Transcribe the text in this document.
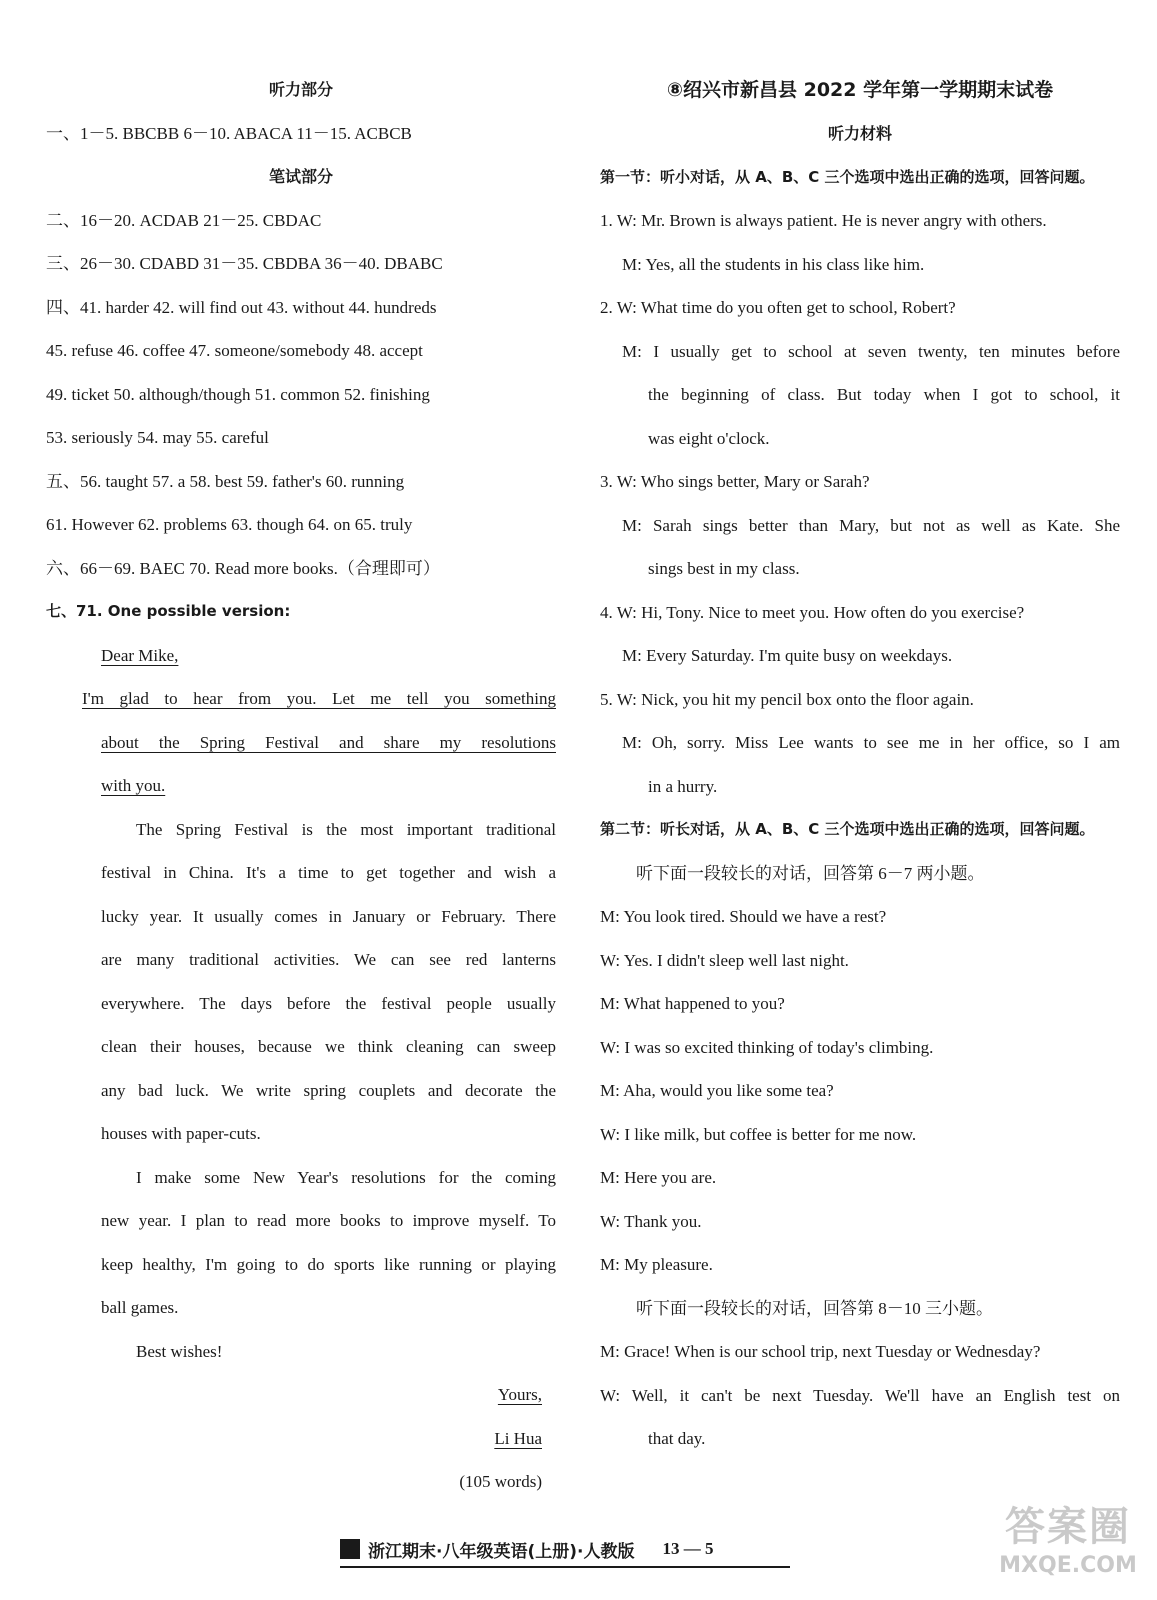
听力部分
一、1－5. BBCBB 6－10. ABACA 11－15. ACBCB
笔试部分
二、16－20. ACDAB 21－25. CBDAC
三、26－30. CDABD 31－35. CBDBA 36－40. DBABC
四、41. harder 42. will find out 43. without 44. hundreds
45. refuse 46. coffee 47. someone/somebody 48. accept
49. ticket 50. although/though 51. common 52. finishing
53. seriously 54. may 55. careful
五、56. taught 57. a 58. best 59. father's 60. running
61. However 62. problems 63. though 64. on 65. truly
六、66－69. BAEC 70. Read more books.（合理即可）
七、71. One possible version:
Dear Mike,
I'm glad to hear from you. Let me tell you something
about the Spring Festival and share my resolutions
with you.
The Spring Festival is the most important traditional
festival in China. It's a time to get together and wish a
lucky year. It usually comes in January or February. There
are many traditional activities. We can see red lanterns
everywhere. The days before the festival people usually
clean their houses, because we think cleaning can sweep
any bad luck. We write spring couplets and decorate the
houses with paper-cuts.
I make some New Year's resolutions for the coming
new year. I plan to read more books to improve myself. To
keep healthy, I'm going to do sports like running or playing
ball games.
Best wishes!
Yours,
Li Hua
(105 words)
⑧绍兴市新昌县 2022 学年第一学期期末试卷
听力材料
第一节：听小对话，从 A、B、C 三个选项中选出正确的选项，回答问题。
1. W: Mr. Brown is always patient. He is never angry with others.
M: Yes, all the students in his class like him.
2. W: What time do you often get to school, Robert?
M: I usually get to school at seven twenty, ten minutes before
the beginning of class. But today when I got to school, it
was eight o'clock.
3. W: Who sings better, Mary or Sarah?
M: Sarah sings better than Mary, but not as well as Kate. She
sings best in my class.
4. W: Hi, Tony. Nice to meet you. How often do you exercise?
M: Every Saturday. I'm quite busy on weekdays.
5. W: Nick, you hit my pencil box onto the floor again.
M: Oh, sorry. Miss Lee wants to see me in her office, so I am
in a hurry.
第二节：听长对话，从 A、B、C 三个选项中选出正确的选项，回答问题。
听下面一段较长的对话，回答第 6－7 两小题。
M: You look tired. Should we have a rest?
W: Yes. I didn't sleep well last night.
M: What happened to you?
W: I was so excited thinking of today's climbing.
M: Aha, would you like some tea?
W: I like milk, but coffee is better for me now.
M: Here you are.
W: Thank you.
M: My pleasure.
听下面一段较长的对话，回答第 8－10 三小题。
M: Grace! When is our school trip, next Tuesday or Wednesday?
W: Well, it can't be next Tuesday. We'll have an English test on
that day.
浙江期末·八年级英语(上册)·人教版 13 — 5	答案圈
MXQE.COM
